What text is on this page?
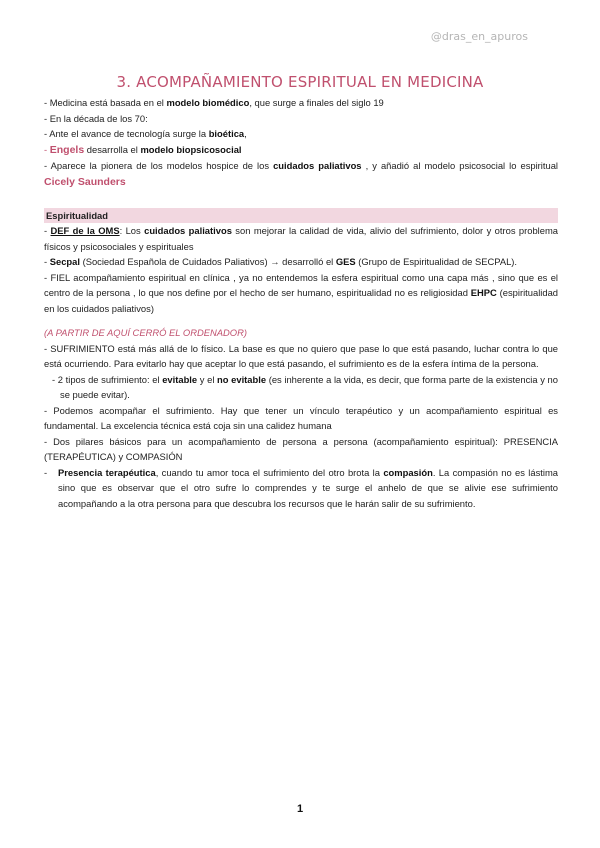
@dras_en_apuros
3. ACOMPAÑAMIENTO ESPIRITUAL EN MEDICINA

- Medicina está basada en el modelo biomédico, que surge a finales del siglo 19

- En la década de los 70:

- Ante el avance de tecnología surge la bioética,

- Engels desarrolla el modelo biopsicosocial

- Aparece la pionera de los modelos hospice de los cuidados paliativos , y añadió al modelo psicosocial lo espiritual Cicely Saunders

Espiritualidad

- DEF de la OMS: Los cuidados paliativos son mejorar la calidad de vida, alivio del sufrimiento, dolor y otros problema físicos y psicosociales y espirituales

- Secpal (Sociedad Española de Cuidados Paliativos) → desarrolló el GES (Grupo de Espiritualidad de SECPAL).

- FIEL acompañamiento espiritual en clínica , ya no entendemos la esfera espiritual como una capa más , sino que es el centro de la persona , lo que nos define por el hecho de ser humano, espiritualidad no es religiosidad EHPC (espiritualidad en los cuidados paliativos)

(A PARTIR DE AQUÍ CERRÓ EL ORDENADOR)

- SUFRIMIENTO está más allá de lo físico. La base es que no quiero que pase lo que está pasando, luchar contra lo que está ocurriendo. Para evitarlo hay que aceptar lo que está pasando, el sufrimiento es de la esfera íntima de la persona.

- 2 tipos de sufrimiento: el evitable y el no evitable (es inherente a la vida, es decir, que forma parte de la existencia y no se puede evitar).

- Podemos acompañar el sufrimiento. Hay que tener un vínculo terapéutico y un acompañamiento espiritual es fundamental. La excelencia técnica está coja sin una calidez humana

- Dos pilares básicos para un acompañamiento de persona a persona (acompañamiento espiritual): PRESENCIA (TERAPÉUTICA) y COMPASIÓN

-	Presencia terapéutica, cuando tu amor toca el sufrimiento del otro brota la compasión. La compasión no es lástima sino que es observar que el otro sufre lo comprendes y te surge el anhelo de que se alivie ese sufrimiento acompañando a la otra persona para que descubra los recursos que le harán salir de su sufrimiento.
1
